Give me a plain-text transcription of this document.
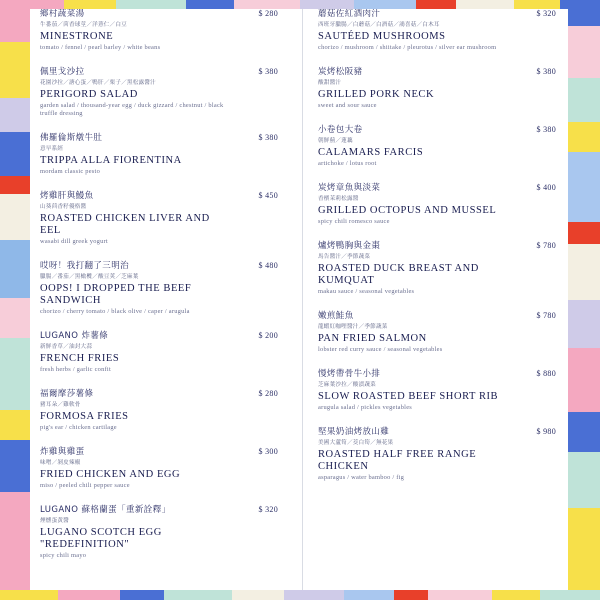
鄉村蔬菜湯
牛番茄／茴香球莖／洋薏仁／白豆
MINESTRONE
tomato / fennel / pearl barley / white beans
$ 280
佩里戈沙拉
花園沙拉／溏心蛋／鴨肝／栗子／黑松露醬汁
PERIGORD SALAD
garden salad / thousand-year egg / duck gizzard / chestnut / black truffle dressing
$ 380
佛羅倫斯燉牛肚
意早系經
TRIPPA ALLA FIORENTINA
mordam classic pesto
$ 380
烤雞肝與鰻魚
山葵茴香籽優格醬
ROASTED CHICKEN LIVER AND EEL
wasabi dill greek yogurt
$ 450
哎呀！我打翻了三明治
臘腸／番茄／黑橄欖／酸豆莢／芝麻葉
OOPS! I DROPPED THE BEEF SANDWICH
chorizo / cherry tomato / black olive / caper / arugula
$ 480
LUGANO 炸薯條
新鮮香草／油封大蒜
FRENCH FRIES
fresh herbs / garlic confit
$ 200
福爾摩莎薯條
豬耳朵／雞軟骨
FORMOSA FRIES
pig's ear / chicken cartilage
$ 280
炸雞與雞蛋
味噌／剝皮辣椒
FRIED CHICKEN AND EGG
miso / peeled chili pepper sauce
$ 300
LUGANO 蘇格蘭蛋「重新詮釋」
煙燻蛋黃醬
LUGANO SCOTCH EGG "REDEFINITION"
spicy chili mayo
$ 320
蘑菇佐紅酒肉汁
西班牙臘腸／白蘑菇／白酒菇／鴻喜菇／白木耳
SAUTÉED MUSHROOMS
chorizo / mushroom / shiitake / pleurotus / silver ear mushroom
$ 320
炭烤松阪豬
酸甜醬汁
GRILLED PORK NECK
sweet and sour sauce
$ 380
小卷包大卷
朝鮮薊／蓮藕
CALAMARS FARCIS
artichoke / lotus root
$ 380
炭烤章魚與淡菜
香檳茉莉松露醬
GRILLED OCTOPUS AND MUSSEL
spicy chili romesco sauce
$ 400
爐烤鴨胸與金棗
馬告醬汁／季節蔬菜
ROASTED DUCK BREAST AND KUMQUAT
makau sauce / seasonal vegetables
$ 780
嫩煎鮭魚
龍蝦紅咖哩醬汁／季節蔬菜
PAN FRIED SALMON
lobster red curry sauce / seasonal vegetables
$ 780
慢烤帶骨牛小排
芝麻葉沙拉／酸漬蔬菜
SLOW ROASTED BEEF SHORT RIB
arugula salad / pickles vegetables
$ 880
堅果奶油烤放山雞
美國大蘆筍／茭白筍／無花果
ROASTED HALF FREE RANGE CHICKEN
asparagus / water bamboo / fig
$ 980
